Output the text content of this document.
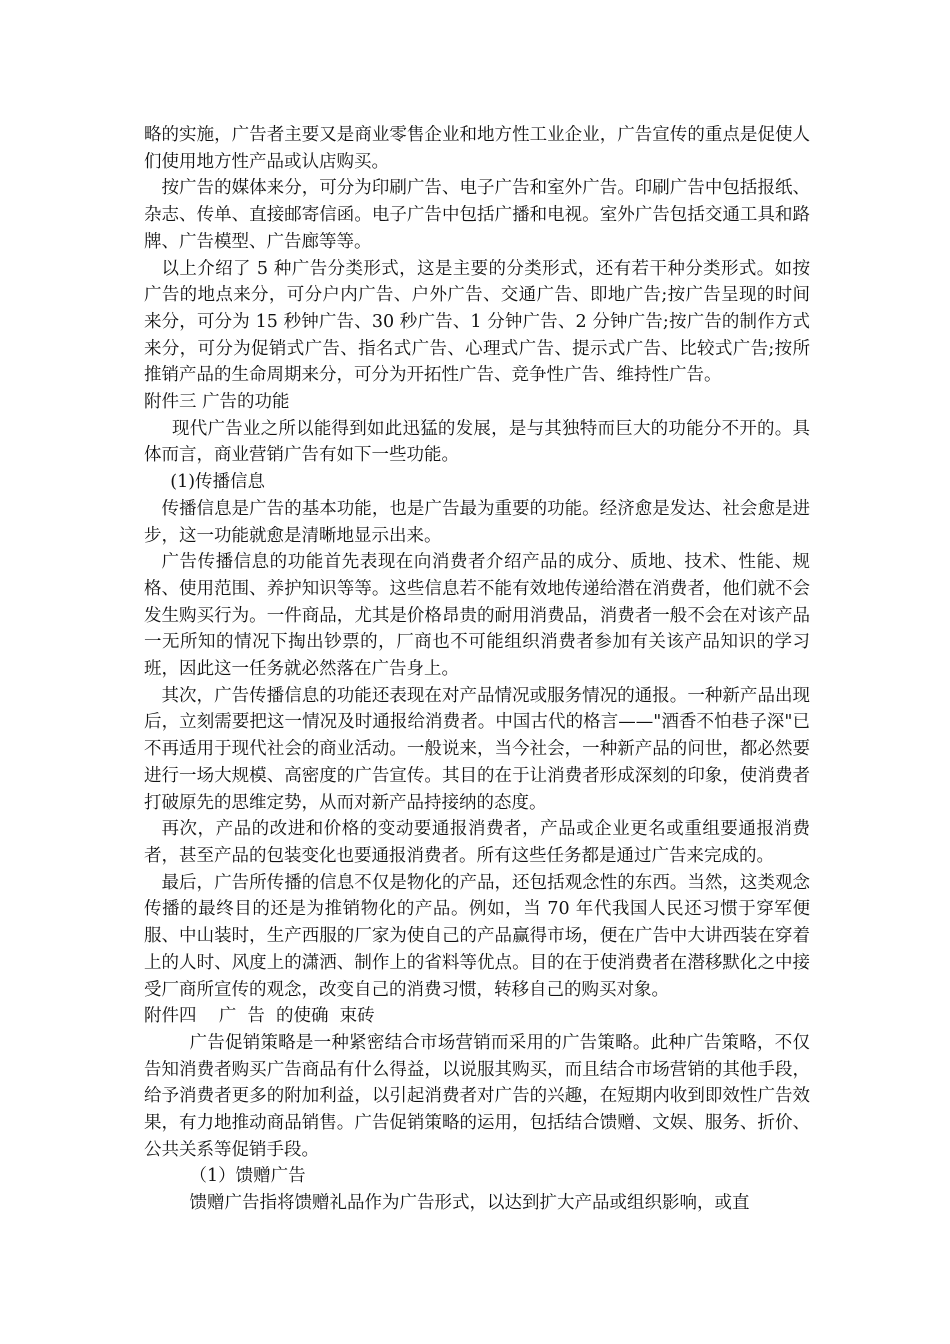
略的实施，广告者主要又是商业零售企业和地方性工业企业，广告宣传的重点是促使人们使用地方性产品或认店购买。

按广告的媒体来分，可分为印刷广告、电子广告和室外广告。印刷广告中包括报纸、杂志、传单、直接邮寄信函。电子广告中包括广播和电视。室外广告包括交通工具和路牌、广告模型、广告廊等等。

以上介绍了 5 种广告分类形式，这是主要的分类形式，还有若干种分类形式。如按广告的地点来分，可分户内广告、户外广告、交通广告、即地广告;按广告呈现的时间来分，可分为 15 秒钟广告、30 秒广告、1 分钟广告、2 分钟广告;按广告的制作方式来分，可分为促销式广告、指名式广告、心理式广告、提示式广告、比较式广告;按所推销产品的生命周期来分，可分为开拓性广告、竞争性广告、维持性广告。

附件三 广告的功能

现代广告业之所以能得到如此迅猛的发展，是与其独特而巨大的功能分不开的。具体而言，商业营销广告有如下一些功能。

(1)传播信息

传播信息是广告的基本功能，也是广告最为重要的功能。经济愈是发达、社会愈是进步，这一功能就愈是清晰地显示出来。

广告传播信息的功能首先表现在向消费者介绍产品的成分、质地、技术、性能、规格、使用范围、养护知识等等。这些信息若不能有效地传递给潜在消费者，他们就不会发生购买行为。一件商品，尤其是价格昂贵的耐用消费品，消费者一般不会在对该产品一无所知的情况下掏出钞票的，厂商也不可能组织消费者参加有关该产品知识的学习班，因此这一任务就必然落在广告身上。

其次，广告传播信息的功能还表现在对产品情况或服务情况的通报。一种新产品出现后，立刻需要把这一情况及时通报给消费者。中国古代的格言——"酒香不怕巷子深"已不再适用于现代社会的商业活动。一般说来，当今社会，一种新产品的问世，都必然要进行一场大规模、高密度的广告宣传。其目的在于让消费者形成深刻的印象，使消费者打破原先的思维定势，从而对新产品持接纳的态度。

再次，产品的改进和价格的变动要通报消费者，产品或企业更名或重组要通报消费者，甚至产品的包装变化也要通报消费者。所有这些任务都是通过广告来完成的。

最后，广告所传播的信息不仅是物化的产品，还包括观念性的东西。当然，这类观念传播的最终目的还是为推销物化的产品。例如，当 70 年代我国人民还习惯于穿军便服、中山装时，生产西服的厂家为使自己的产品赢得市场，便在广告中大讲西装在穿着上的人时、风度上的潇洒、制作上的省料等优点。目的在于使消费者在潜移默化之中接受厂商所宣传的观念，改变自己的消费习惯，转移自己的购买对象。

附件四    广  告  的使确  束砖

广告促销策略是一种紧密结合市场营销而采用的广告策略。此种广告策略，不仅告知消费者购买广告商品有什么得益，以说服其购买，而且结合市场营销的其他手段，给予消费者更多的附加利益，以引起消费者对广告的兴趣，在短期内收到即效性广告效果，有力地推动商品销售。广告促销策略的运用，包括结合馈赠、文娱、服务、折价、公共关系等促销手段。

（1）馈赠广告

馈赠广告指将馈赠礼品作为广告形式，以达到扩大产品或组织影响，或直
